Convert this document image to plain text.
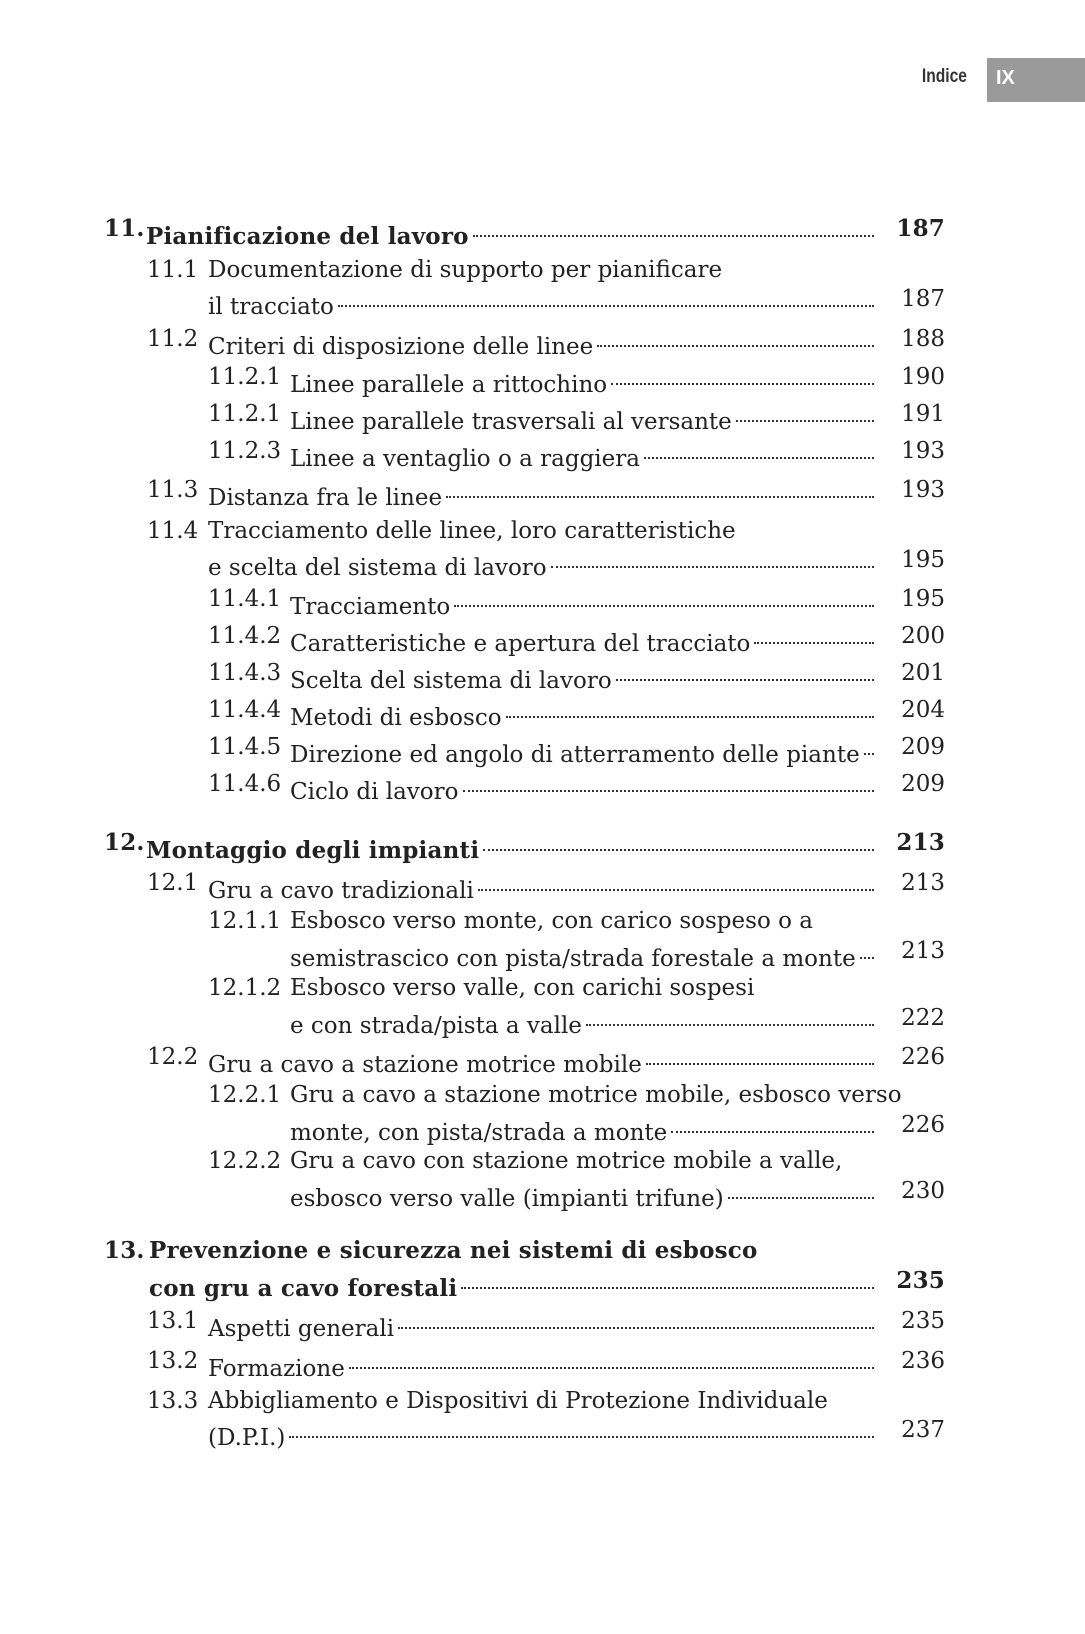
Indice	IX
11. Pianificazione del lavoro	187
11.1 Documentazione di supporto per pianificare
il tracciato	187
11.2 Criteri di disposizione delle linee	188
11.2.1 Linee parallele a rittochino	190
11.2.1 Linee parallele trasversali al versante	191
11.2.3 Linee a ventaglio o a raggiera	193
11.3 Distanza fra le linee	193
11.4 Tracciamento delle linee, loro caratteristiche
e scelta del sistema di lavoro	195
11.4.1 Tracciamento	195
11.4.2 Caratteristiche e apertura del tracciato	200
11.4.3 Scelta del sistema di lavoro	201
11.4.4 Metodi di esbosco	204
11.4.5 Direzione ed angolo di atterramento delle piante	209
11.4.6 Ciclo di lavoro	209
12. Montaggio degli impianti	213
12.1 Gru a cavo tradizionali	213
12.1.1 Esbosco verso monte, con carico sospeso o a
semistrascico con pista/strada forestale a monte	213
12.1.2 Esbosco verso valle, con carichi sospesi
e con strada/pista a valle	222
12.2 Gru a cavo a stazione motrice mobile	226
12.2.1 Gru a cavo a stazione motrice mobile, esbosco verso
monte, con pista/strada a monte	226
12.2.2 Gru a cavo con stazione motrice mobile a valle,
esbosco verso valle (impianti trifune)	230
13. Prevenzione e sicurezza nei sistemi di esbosco
con gru a cavo forestali	235
13.1 Aspetti generali	235
13.2 Formazione	236
13.3 Abbigliamento e Dispositivi di Protezione Individuale
(D.P.I.)	237
